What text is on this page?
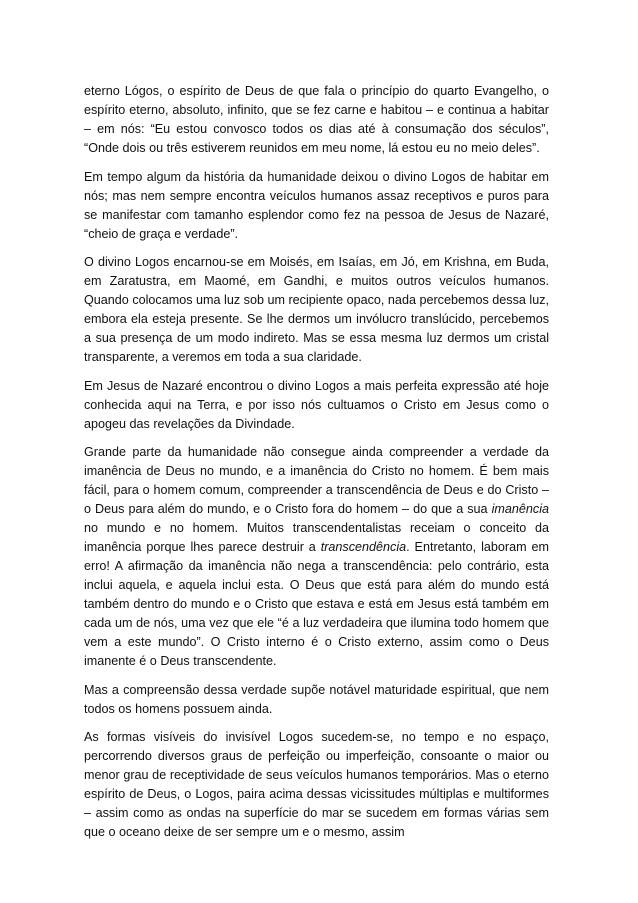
eterno Lógos, o espírito de Deus de que fala o princípio do quarto Evangelho, o espírito eterno, absoluto, infinito, que se fez carne e habitou – e continua a habitar – em nós: “Eu estou convosco todos os dias até à consumação dos séculos”, “Onde dois ou três estiverem reunidos em meu nome, lá estou eu no meio deles”.

Em tempo algum da história da humanidade deixou o divino Logos de habitar em nós; mas nem sempre encontra veículos humanos assaz receptivos e puros para se manifestar com tamanho esplendor como fez na pessoa de Jesus de Nazaré, “cheio de graça e verdade”.

O divino Logos encarnou-se em Moisés, em Isaías, em Jó, em Krishna, em Buda, em Zaratustra, em Maomé, em Gandhi, e muitos outros veículos humanos. Quando colocamos uma luz sob um recipiente opaco, nada percebemos dessa luz, embora ela esteja presente. Se lhe dermos um invólucro translúcido, percebemos a sua presença de um modo indireto. Mas se essa mesma luz dermos um cristal transparente, a veremos em toda a sua claridade.

Em Jesus de Nazaré encontrou o divino Logos a mais perfeita expressão até hoje conhecida aqui na Terra, e por isso nós cultuamos o Cristo em Jesus como o apogeu das revelações da Divindade.

Grande parte da humanidade não consegue ainda compreender a verdade da imanência de Deus no mundo, e a imanência do Cristo no homem. É bem mais fácil, para o homem comum, compreender a transcendência de Deus e do Cristo – o Deus para além do mundo, e o Cristo fora do homem – do que a sua imanência no mundo e no homem. Muitos transcendentalistas receiam o conceito da imanência porque lhes parece destruir a transcendência. Entretanto, laboram em erro! A afirmação da imanência não nega a transcendência: pelo contrário, esta inclui aquela, e aquela inclui esta. O Deus que está para além do mundo está também dentro do mundo e o Cristo que estava e está em Jesus está também em cada um de nós, uma vez que ele “é a luz verdadeira que ilumina todo homem que vem a este mundo”. O Cristo interno é o Cristo externo, assim como o Deus imanente é o Deus transcendente.

Mas a compreensão dessa verdade supõe notável maturidade espiritual, que nem todos os homens possuem ainda.

As formas visíveis do invisível Logos sucedem-se, no tempo e no espaço, percorrendo diversos graus de perfeição ou imperfeição, consoante o maior ou menor grau de receptividade de seus veículos humanos temporários. Mas o eterno espírito de Deus, o Logos, paira acima dessas vicissitudes múltiplas e multiformes – assim como as ondas na superfície do mar se sucedem em formas várias sem que o oceano deixe de ser sempre um e o mesmo, assim
